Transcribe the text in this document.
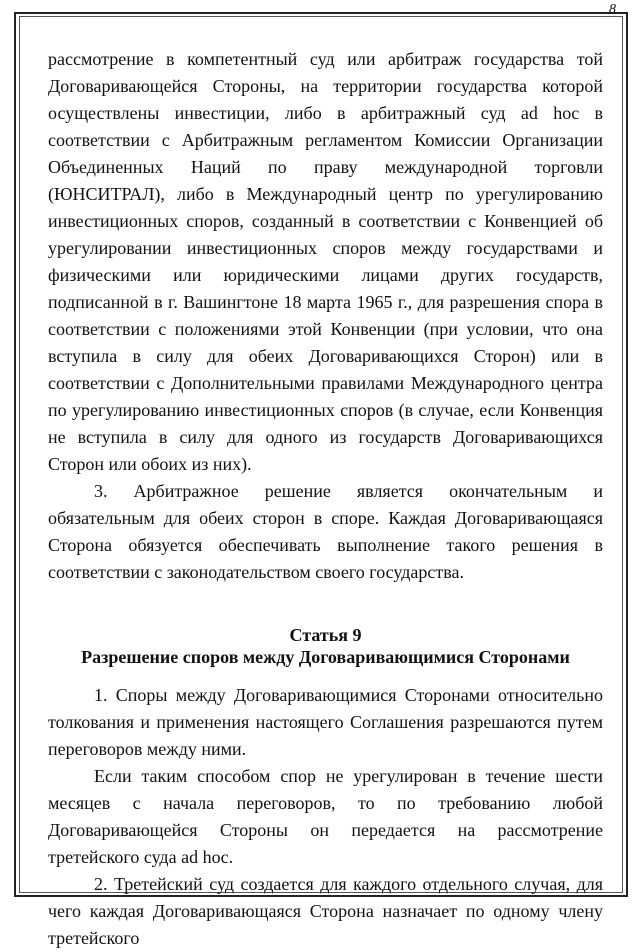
8

рассмотрение в компетентный суд или арбитраж государства той Договаривающейся Стороны, на территории государства которой осуществлены инвестиции, либо в арбитражный суд ad hoc в соответствии с Арбитражным регламентом Комиссии Организации Объединенных Наций по праву международной торговли (ЮНСИТРАЛ), либо в Международный центр по урегулированию инвестиционных споров, созданный в соответствии с Конвенцией об урегулировании инвестиционных споров между государствами и физическими или юридическими лицами других государств, подписанной в г. Вашингтоне 18 марта 1965 г., для разрешения спора в соответствии с положениями этой Конвенции (при условии, что она вступила в силу для обеих Договаривающихся Сторон) или в соответствии с Дополнительными правилами Международного центра по урегулированию инвестиционных споров (в случае, если Конвенция не вступила в силу для одного из государств Договаривающихся Сторон или обоих из них).

3. Арбитражное решение является окончательным и обязательным для обеих сторон в споре. Каждая Договаривающаяся Сторона обязуется обеспечивать выполнение такого решения в соответствии с законодательством своего государства.

Статья 9
Разрешение споров между Договаривающимися Сторонами

1. Споры между Договаривающимися Сторонами относительно толкования и применения настоящего Соглашения разрешаются путем переговоров между ними.

Если таким способом спор не урегулирован в течение шести месяцев с начала переговоров, то по требованию любой Договаривающейся Стороны он передается на рассмотрение третейского суда ad hoc.

2. Третейский суд создается для каждого отдельного случая, для чего каждая Договаривающаяся Сторона назначает по одному члену третейского
